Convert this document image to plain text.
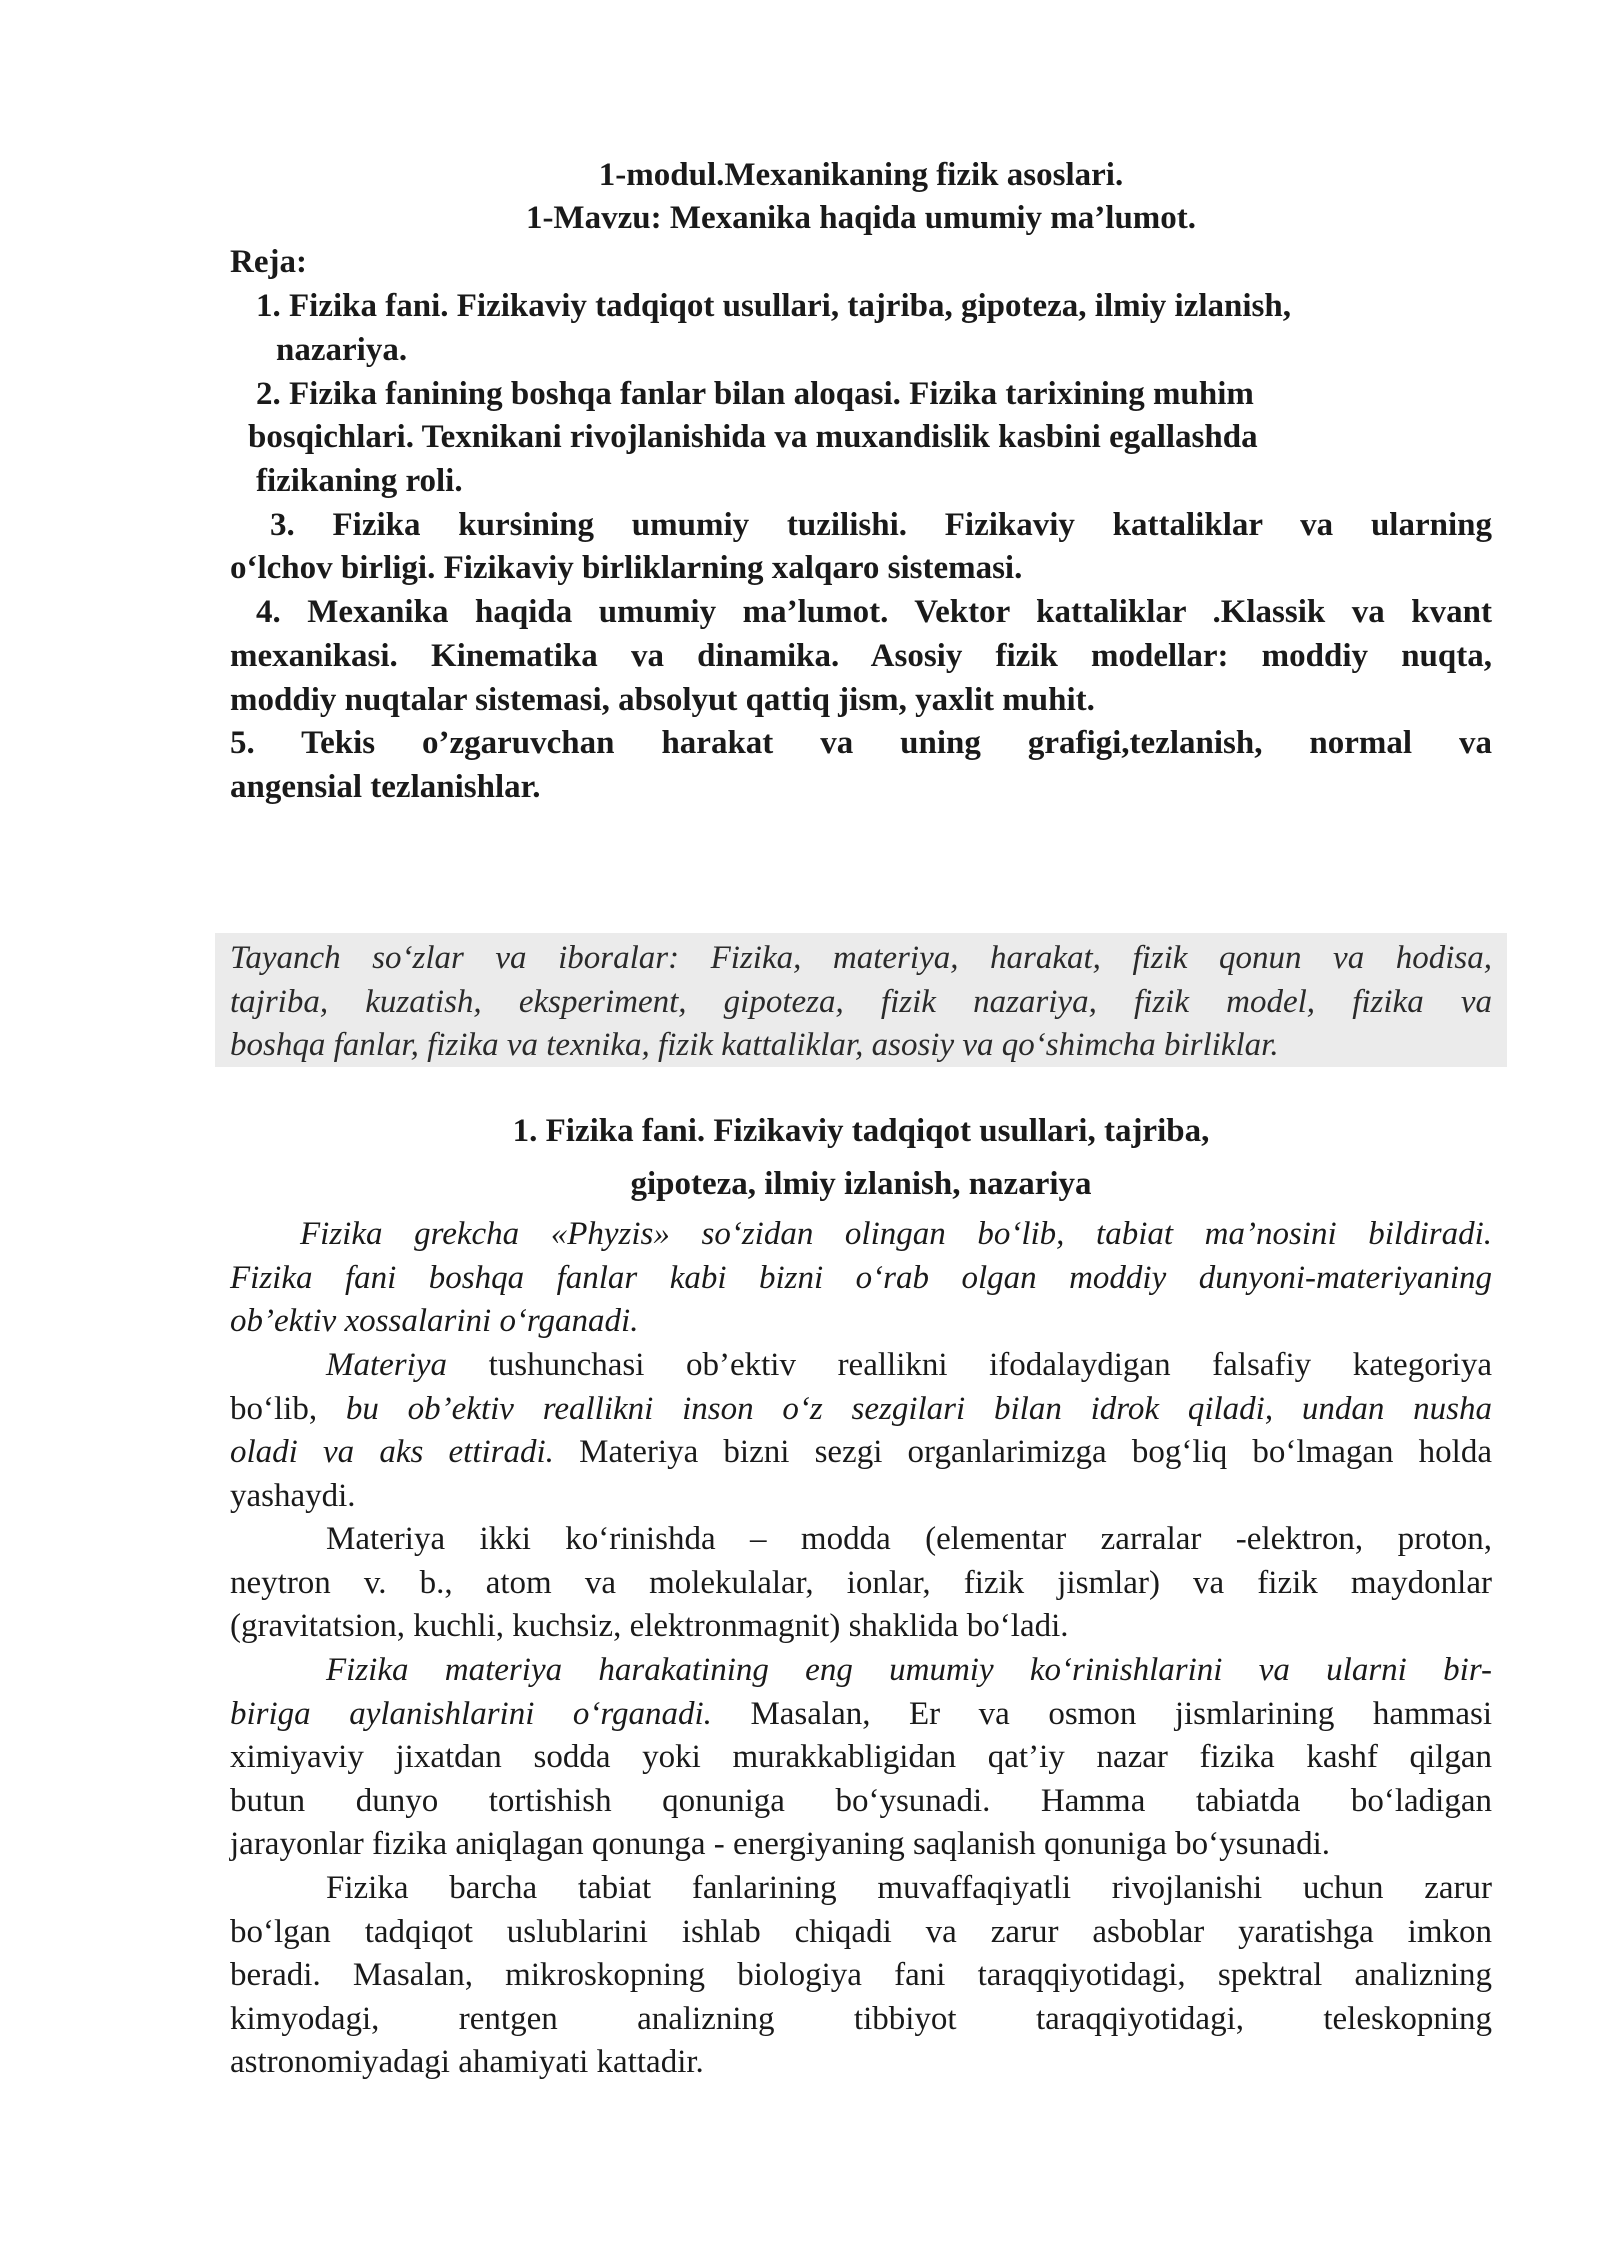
1-modul.Mexanikaning fizik asoslari.
1-Mavzu: Mexanika haqida umumiy ma’lumot.
Reja:
1. Fizika fani. Fizikaviy tadqiqot usullari, tajriba, gipoteza, ilmiy izlanish,
nazariya.
2. Fizika fanining boshqa fanlar bilan aloqasi. Fizika tarixining muhim
bosqichlari. Texnikani rivojlanishida va muxandislik kasbini egallashda
fizikaning roli.
3. Fizika kursining umumiy tuzilishi. Fizikaviy kattaliklar va ularning
o‘lchov birligi. Fizikaviy birliklarning xalqaro sistemasi.
4. Mexanika haqida umumiy ma’lumot. Vektor kattaliklar .Klassik va kvant
mexanikasi. Kinematika va dinamika. Asosiy fizik modellar: moddiy nuqta,
moddiy nuqtalar sistemasi, absolyut qattiq jism, yaxlit muhit.
5. Tekis o’zgaruvchan harakat va uning grafigi,tezlanish, normal va
angensial tezlanishlar.
Tayanch so‘zlar va iboralar: Fizika, materiya, harakat, fizik qonun va hodisa,
tajriba, kuzatish, eksperiment, gipoteza, fizik nazariya, fizik model, fizika va
boshqa fanlar, fizika va texnika, fizik kattaliklar, asosiy va qo‘shimcha birliklar.
1. Fizika fani. Fizikaviy tadqiqot usullari, tajriba,
gipoteza, ilmiy izlanish, nazariya
Fizika grekcha «Phyzis» so‘zidan olingan bo‘lib, tabiat ma’nosini bildiradi.
Fizika fani boshqa fanlar kabi bizni o‘rab olgan moddiy dunyoni-materiyaning
ob’ektiv xossalarini o‘rganadi.
Materiya tushunchasi ob’ektiv reallikni ifodalaydigan falsafiy kategoriya
bo‘lib, bu ob’ektiv reallikni inson o‘z sezgilari bilan idrok qiladi, undan nusha
oladi va aks ettiradi. Materiya bizni sezgi organlarimizga bog‘liq bo‘lmagan holda
yashaydi.
Materiya ikki ko‘rinishda – modda (elementar zarralar -elektron, proton,
neytron v. b., atom va molekulalar, ionlar, fizik jismlar) va fizik maydonlar
(gravitatsion, kuchli, kuchsiz, elektronmagnit) shaklida bo‘ladi.
Fizika materiya harakatining eng umumiy ko‘rinishlarini va ularni bir-
biriga aylanishlarini o‘rganadi. Masalan, Er va osmon jismlarining hammasi
ximiyaviy jixatdan sodda yoki murakkabligidan qat’iy nazar fizika kashf qilgan
butun dunyo tortishish qonuniga bo‘ysunadi. Hamma tabiatda bo‘ladigan
jarayonlar fizika aniqlagan qonunga - energiyaning saqlanish qonuniga bo‘ysunadi.
Fizika barcha tabiat fanlarining muvaffaqiyatli rivojlanishi uchun zarur
bo‘lgan tadqiqot uslublarini ishlab chiqadi va zarur asboblar yaratishga imkon
beradi. Masalan, mikroskopning biologiya fani taraqqiyotidagi, spektral analizning
kimyodagi, rentgen analizning tibbiyot taraqqiyotidagi, teleskopning
astronomiyadagi ahamiyati kattadir.
